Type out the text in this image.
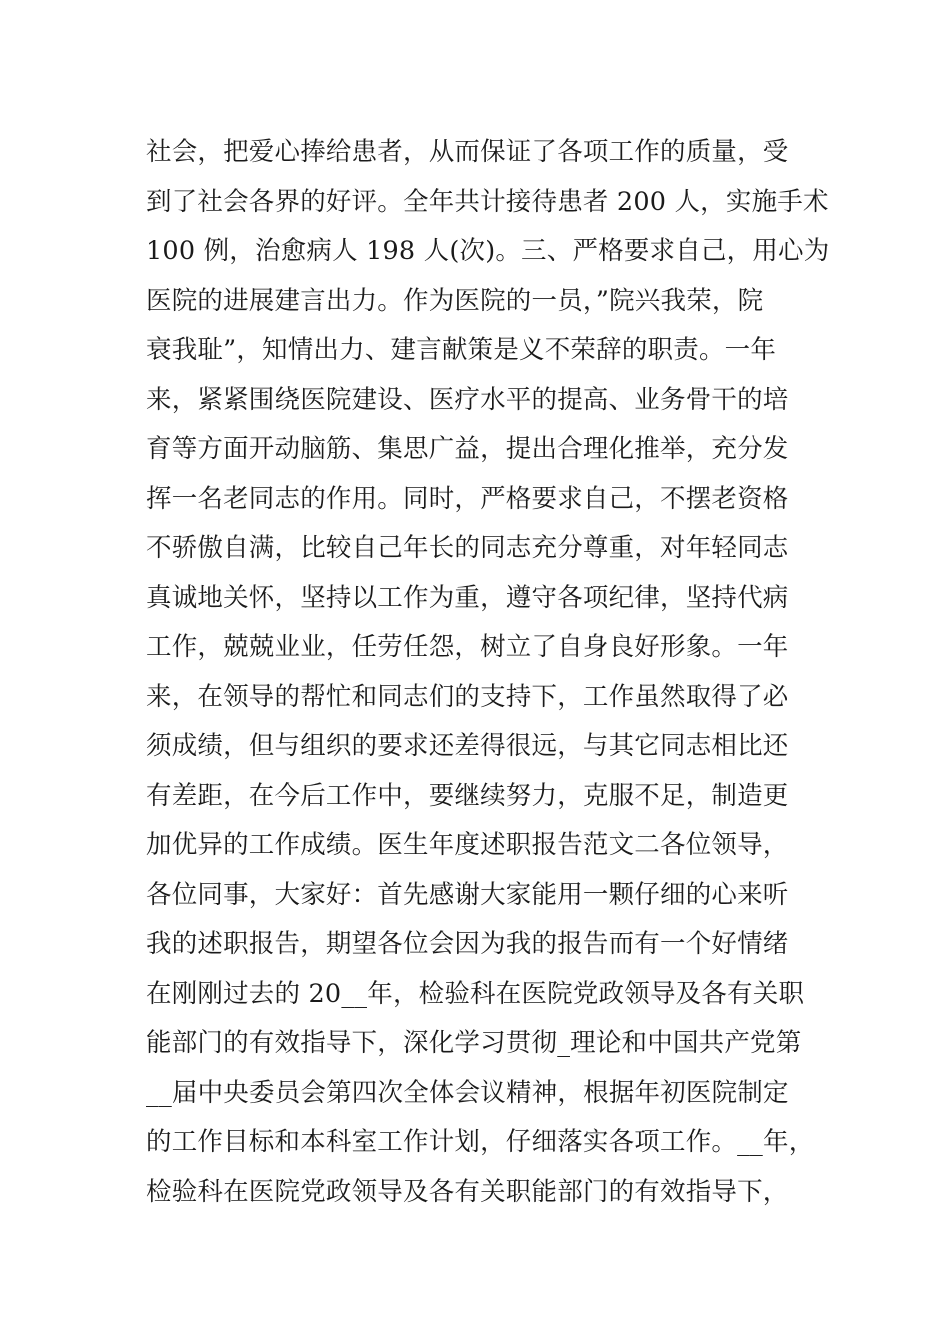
社会，把爱心捧给患者，从而保证了各项工作的质量，受
到了社会各界的好评。全年共计接待患者 200 人，实施手术
100 例，治愈病人 198 人(次)。三、严格要求自己，用心为
医院的进展建言出力。作为医院的一员，”院兴我荣，院
衰我耻”，知情出力、建言献策是义不荣辞的职责。一年
来，紧紧围绕医院建设、医疗水平的提高、业务骨干的培
育等方面开动脑筋、集思广益，提出合理化推举，充分发
挥一名老同志的作用。同时，严格要求自己，不摆老资格
不骄傲自满，比较自己年长的同志充分尊重，对年轻同志
真诚地关怀，坚持以工作为重，遵守各项纪律，坚持代病
工作，兢兢业业，任劳任怨，树立了自身良好形象。一年
来，在领导的帮忙和同志们的支持下，工作虽然取得了必
须成绩，但与组织的要求还差得很远，与其它同志相比还
有差距，在今后工作中，要继续努力，克服不足，制造更
加优异的工作成绩。医生年度述职报告范文二各位领导，
各位同事，大家好：首先感谢大家能用一颗仔细的心来听
我的述职报告，期望各位会因为我的报告而有一个好情绪
在刚刚过去的 20__年，检验科在医院党政领导及各有关职
能部门的有效指导下，深化学习贯彻_理论和中国共产党第
__届中央委员会第四次全体会议精神，根据年初医院制定
的工作目标和本科室工作计划，仔细落实各项工作。__年，
检验科在医院党政领导及各有关职能部门的有效指导下，
